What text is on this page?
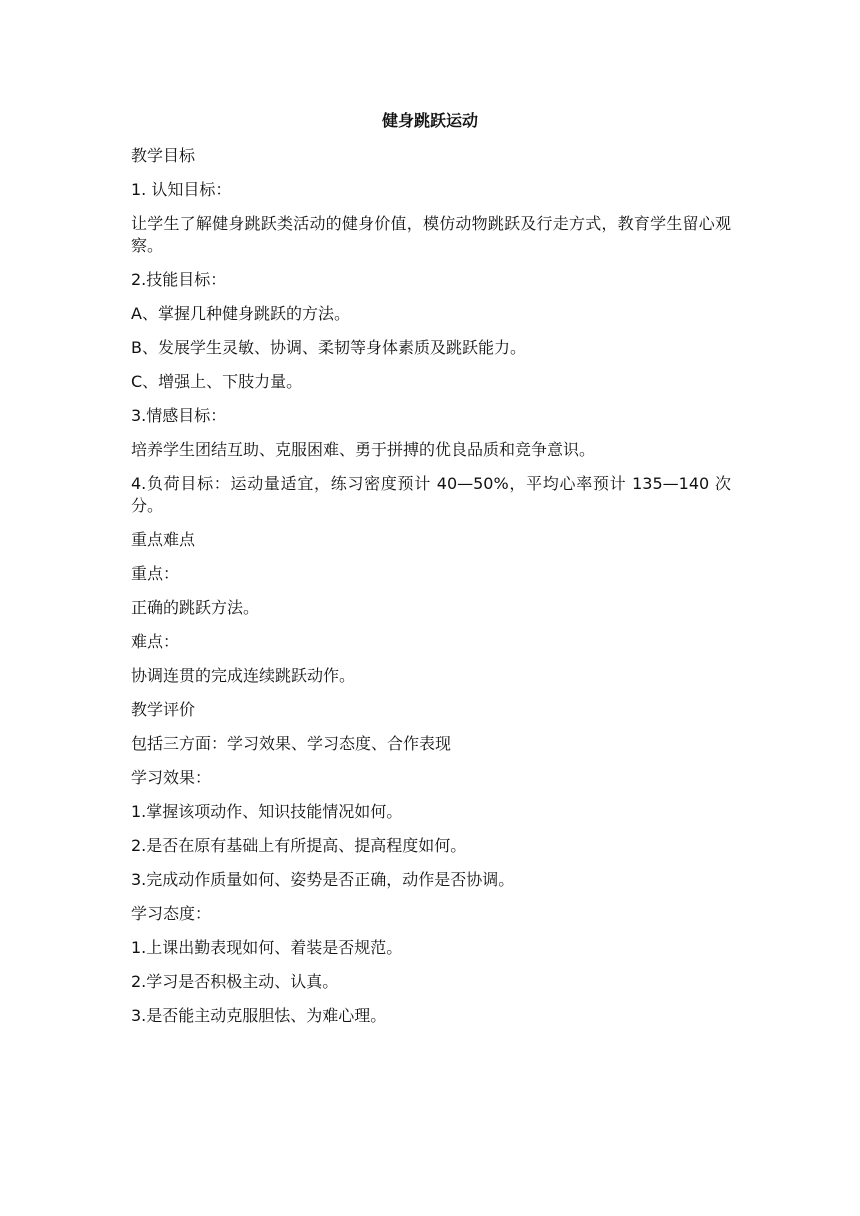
健身跳跃运动

教学目标

1. 认知目标：

让学生了解健身跳跃类活动的健身价值，模仿动物跳跃及行走方式，教育学生留心观察。

2.技能目标：

A、掌握几种健身跳跃的方法。

B、发展学生灵敏、协调、柔韧等身体素质及跳跃能力。

C、增强上、下肢力量。

3.情感目标：

培养学生团结互助、克服困难、勇于拼搏的优良品质和竞争意识。

4.负荷目标：运动量适宜，练习密度预计 40—50%，平均心率预计 135—140 次分。

重点难点

重点：

正确的跳跃方法。

难点：

协调连贯的完成连续跳跃动作。

教学评价

包括三方面：学习效果、学习态度、合作表现

学习效果：

1.掌握该项动作、知识技能情况如何。

2.是否在原有基础上有所提高、提高程度如何。

3.完成动作质量如何、姿势是否正确，动作是否协调。

学习态度：

1.上课出勤表现如何、着装是否规范。

2.学习是否积极主动、认真。

3.是否能主动克服胆怯、为难心理。
